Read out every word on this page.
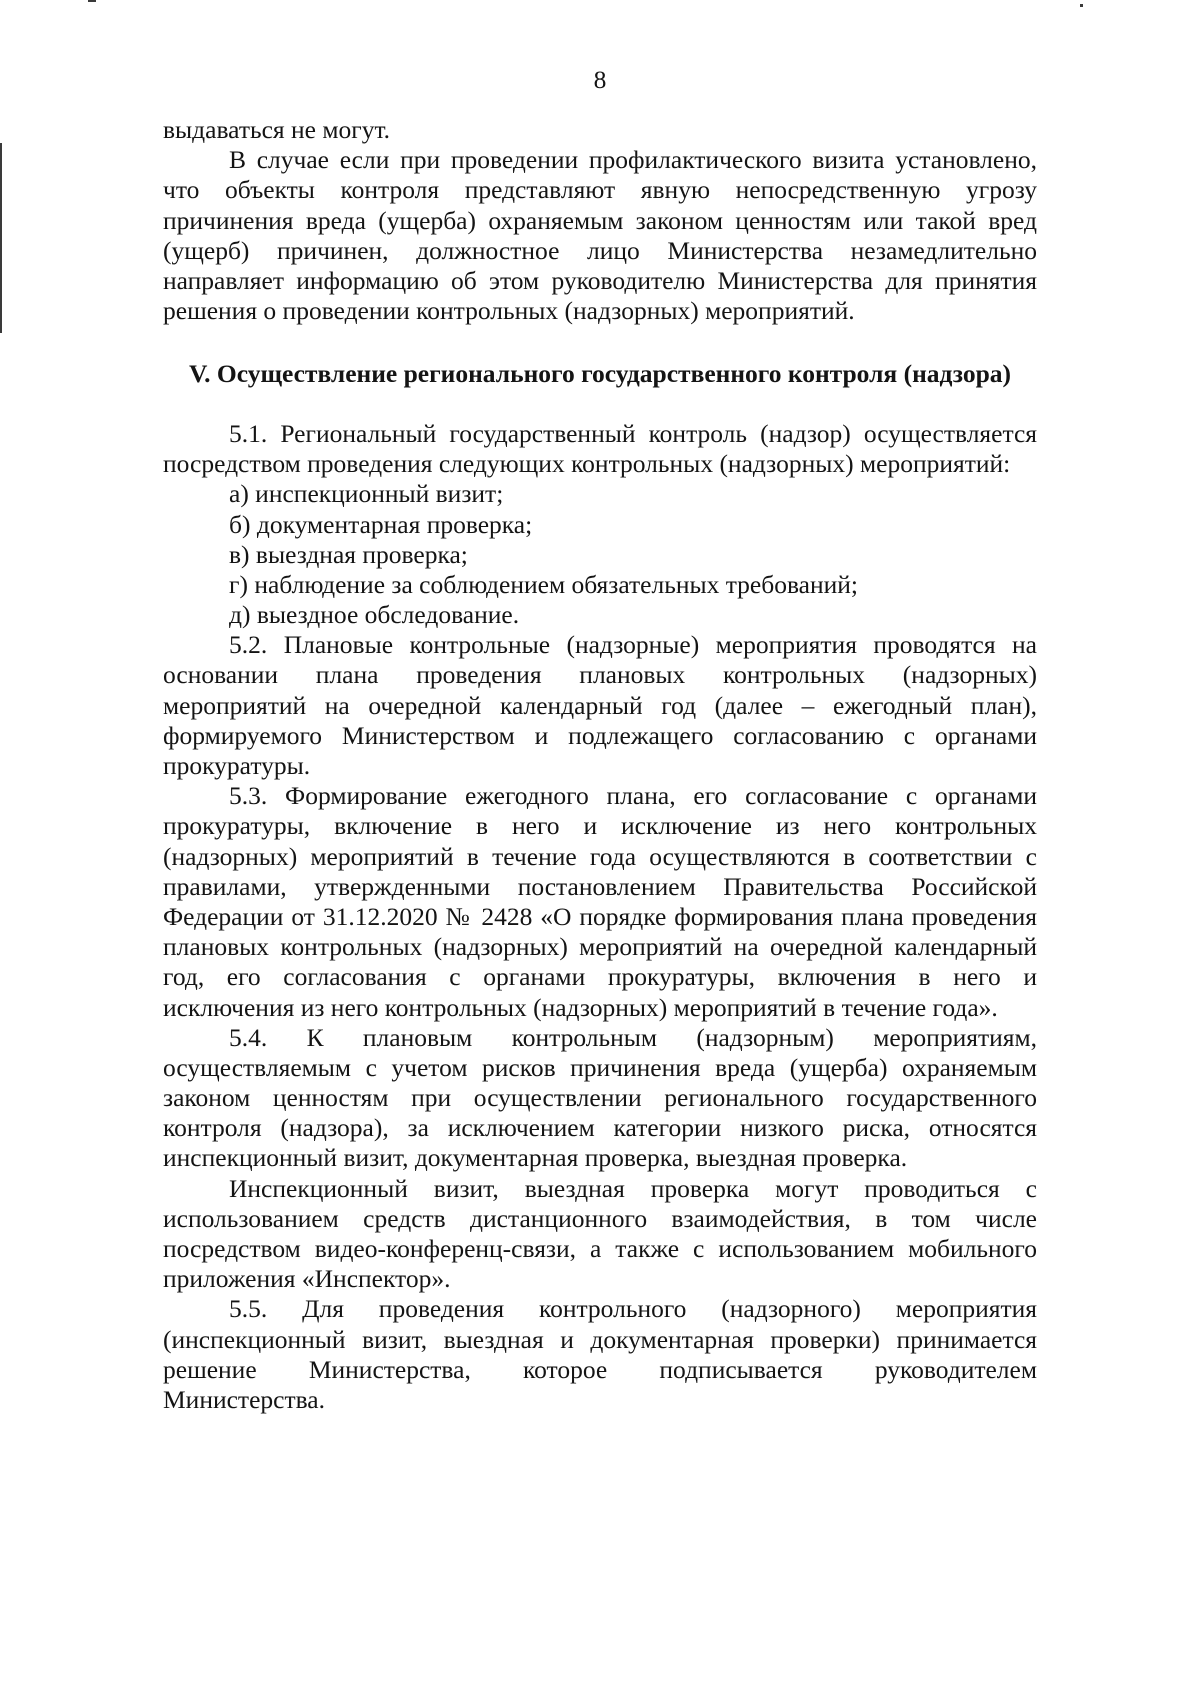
8
выдаваться не могут.
В случае если при проведении профилактического визита установлено,
что объекты контроля представляют явную непосредственную угрозу
причинения вреда (ущерба) охраняемым законом ценностям или такой вред
(ущерб) причинен, должностное лицо Министерства незамедлительно
направляет информацию об этом руководителю Министерства для принятия
решения о проведении контрольных (надзорных) мероприятий.
V. Осуществление регионального государственного контроля (надзора)
5.1. Региональный государственный контроль (надзор) осуществляется
посредством проведения следующих контрольных (надзорных) мероприятий:
а) инспекционный визит;
б) документарная проверка;
в) выездная проверка;
г) наблюдение за соблюдением обязательных требований;
д) выездное обследование.
5.2. Плановые контрольные (надзорные) мероприятия проводятся на
основании плана проведения плановых контрольных (надзорных)
мероприятий на очередной календарный год (далее – ежегодный план),
формируемого Министерством и подлежащего согласованию с органами
прокуратуры.
5.3. Формирование ежегодного плана, его согласование с органами
прокуратуры, включение в него и исключение из него контрольных
(надзорных) мероприятий в течение года осуществляются в соответствии с
правилами, утвержденными постановлением Правительства Российской
Федерации от 31.12.2020 № 2428 «О порядке формирования плана проведения
плановых контрольных (надзорных) мероприятий на очередной календарный
год, его согласования с органами прокуратуры, включения в него и
исключения из него контрольных (надзорных) мероприятий в течение года».
5.4. К плановым контрольным (надзорным) мероприятиям,
осуществляемым с учетом рисков причинения вреда (ущерба) охраняемым
законом ценностям при осуществлении регионального государственного
контроля (надзора), за исключением категории низкого риска, относятся
инспекционный визит, документарная проверка, выездная проверка.
Инспекционный визит, выездная проверка могут проводиться с
использованием средств дистанционного взаимодействия, в том числе
посредством видео-конференц-связи, а также с использованием мобильного
приложения «Инспектор».
5.5. Для проведения контрольного (надзорного) мероприятия
(инспекционный визит, выездная и документарная проверки) принимается
решение Министерства, которое подписывается руководителем
Министерства.
